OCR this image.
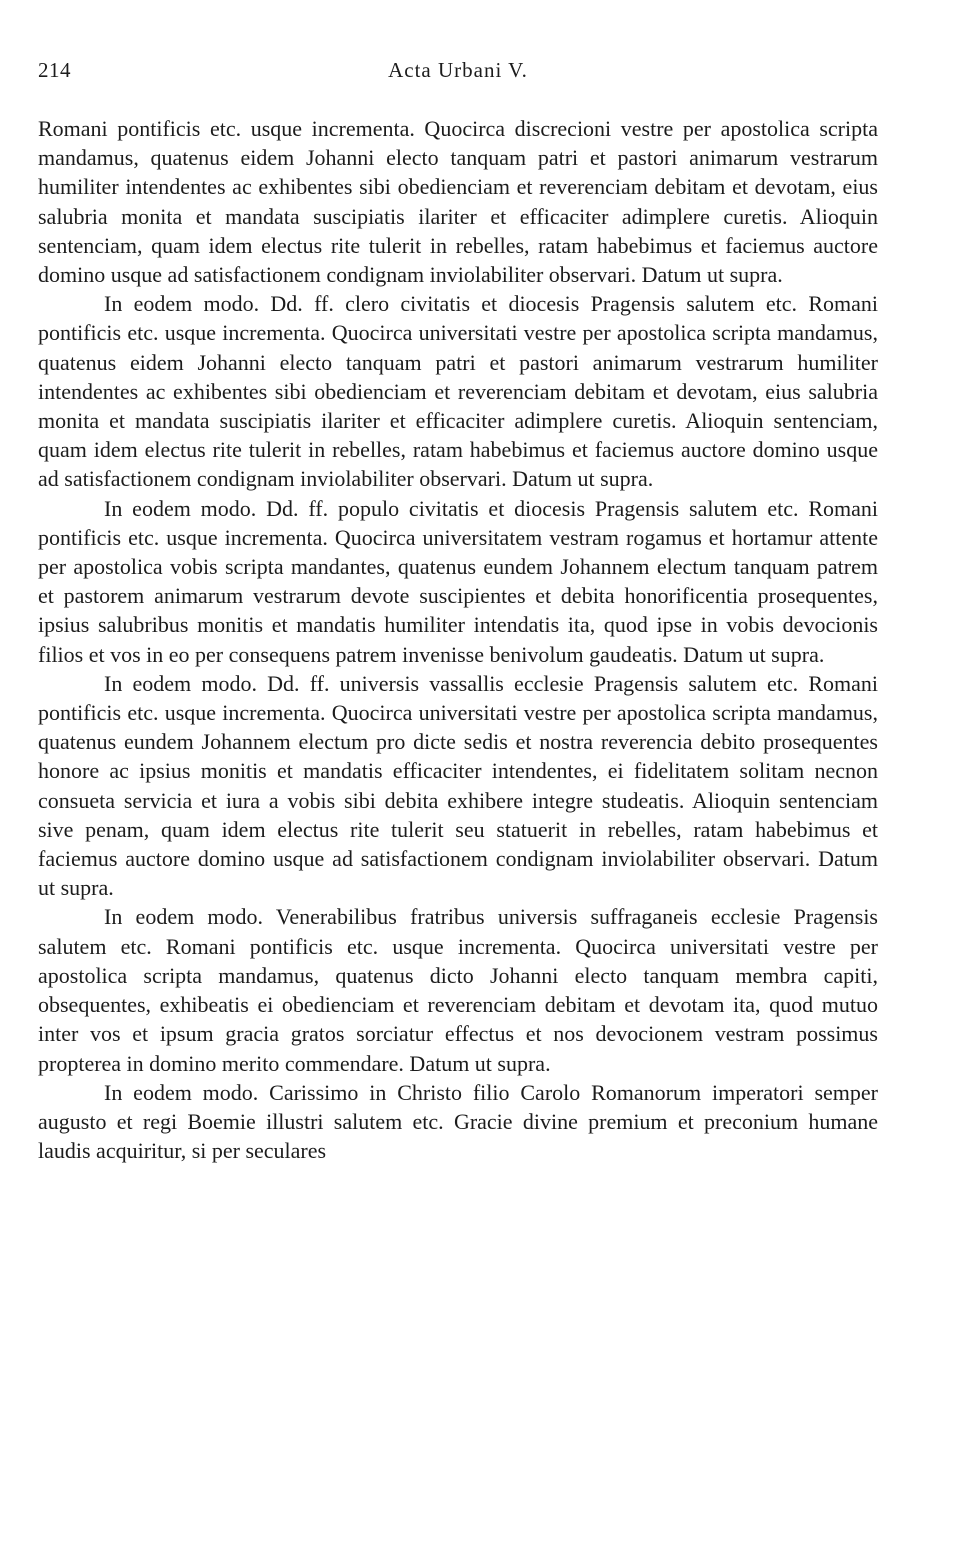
214	Acta Urbani V.

Romani pontificis etc. usque incrementa. Quocirca discrecioni vestre per apostolica scripta mandamus, quatenus eidem Johanni electo tanquam patri et pastori animarum vestrarum humiliter intendentes ac exhibentes sibi obedienciam et reverenciam debitam et devotam, eius salubria monita et mandata suscipiatis ilariter et efficaciter adimplere curetis. Alioquin sentenciam, quam idem electus rite tulerit in rebelles, ratam habebimus et faciemus auctore domino usque ad satisfactionem condignam inviolabiliter observari. Datum ut supra.

In eodem modo. Dd. ff. clero civitatis et diocesis Pragensis salutem etc. Romani pontificis etc. usque incrementa. Quocirca universitati vestre per apostolica scripta mandamus, quatenus eidem Johanni electo tanquam patri et pastori animarum vestrarum humiliter intendentes ac exhibentes sibi obedienciam et reverenciam debitam et devotam, eius salubria monita et mandata suscipiatis ilariter et efficaciter adimplere curetis. Alioquin sentenciam, quam idem electus rite tulerit in rebelles, ratam habebimus et faciemus auctore domino usque ad satisfactionem condignam inviolabiliter observari. Datum ut supra.

In eodem modo. Dd. ff. populo civitatis et diocesis Pragensis salutem etc. Romani pontificis etc. usque incrementa. Quocirca universitatem vestram rogamus et hortamur attente per apostolica vobis scripta mandantes, quatenus eundem Johannem electum tanquam patrem et pastorem animarum vestrarum devote suscipientes et debita honorificentia prosequentes, ipsius salubribus monitis et mandatis humiliter intendatis ita, quod ipse in vobis devocionis filios et vos in eo per consequens patrem invenisse benivolum gaudeatis. Datum ut supra.

In eodem modo. Dd. ff. universis vassallis ecclesie Pragensis salutem etc. Romani pontificis etc. usque incrementa. Quocirca universitati vestre per apostolica scripta mandamus, quatenus eundem Johannem electum pro dicte sedis et nostra reverencia debito prosequentes honore ac ipsius monitis et mandatis efficaciter intendentes, ei fidelitatem solitam necnon consueta servicia et iura a vobis sibi debita exhibere integre studeatis. Alioquin sentenciam sive penam, quam idem electus rite tulerit seu statuerit in rebelles, ratam habebimus et faciemus auctore domino usque ad satisfactionem condignam inviolabiliter observari. Datum ut supra.

In eodem modo. Venerabilibus fratribus universis suffraganeis ecclesie Pragensis salutem etc. Romani pontificis etc. usque incrementa. Quocirca universitati vestre per apostolica scripta mandamus, quatenus dicto Johanni electo tanquam membra capiti, obsequentes, exhibeatis ei obedienciam et reverenciam debitam et devotam ita, quod mutuo inter vos et ipsum gracia gratos sorciatur effectus et nos devocionem vestram possimus propterea in domino merito commendare. Datum ut supra.

In eodem modo. Carissimo in Christo filio Carolo Romanorum imperatori semper augusto et regi Boemie illustri salutem etc. Gracie divine premium et preconium humane laudis acquiritur, si per seculares
